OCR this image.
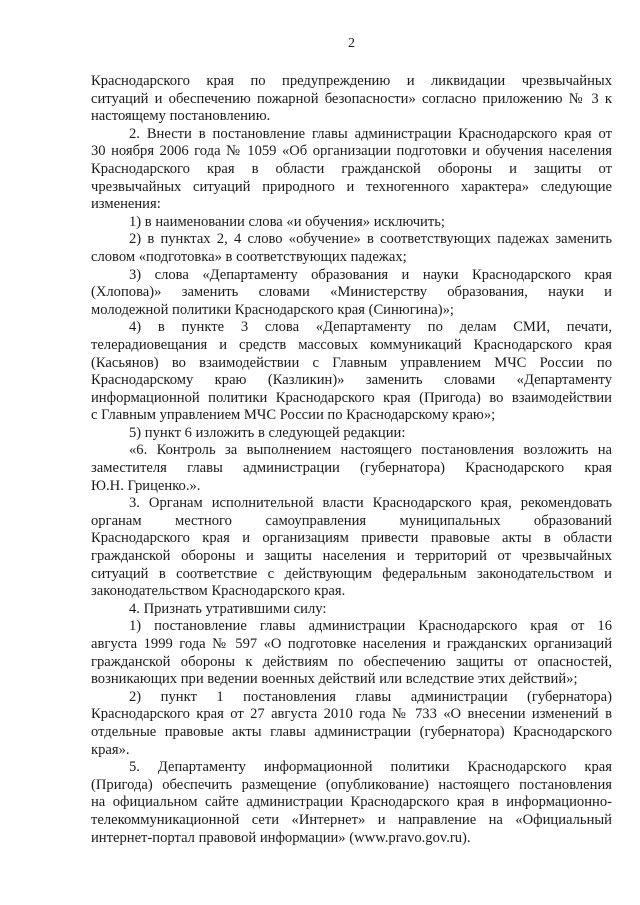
2
Краснодарского края по предупреждению и ликвидации чрезвычайных
ситуаций и обеспечению пожарной безопасности» согласно приложению № 3 к
настоящему постановлению.
2. Внести в постановление главы администрации Краснодарского края от
30 ноября 2006 года № 1059 «Об организации подготовки и обучения населения
Краснодарского края в области гражданской обороны и защиты от
чрезвычайных ситуаций природного и техногенного характера» следующие
изменения:
1) в наименовании слова «и обучения» исключить;
2) в пунктах 2, 4 слово «обучение» в соответствующих падежах заменить
словом «подготовка» в соответствующих падежах;
3) слова «Департаменту образования и науки Краснодарского края
(Хлопова)» заменить словами «Министерству образования, науки и
молодежной политики Краснодарского края (Синюгина)»;
4) в пункте 3 слова «Департаменту по делам СМИ, печати,
телерадиовещания и средств массовых коммуникаций Краснодарского края
(Касьянов) во взаимодействии с Главным управлением МЧС России по
Краснодарскому краю (Казликин)» заменить словами «Департаменту
информационной политики Краснодарского края (Пригода) во взаимодействии
с Главным управлением МЧС России по Краснодарскому краю»;
5) пункт 6 изложить в следующей редакции:
«6. Контроль за выполнением настоящего постановления возложить на
заместителя главы администрации (губернатора) Краснодарского края
Ю.Н. Гриценко.».
3. Органам исполнительной власти Краснодарского края, рекомендовать
органам местного самоуправления муниципальных образований
Краснодарского края и организациям привести правовые акты в области
гражданской обороны и защиты населения и территорий от чрезвычайных
ситуаций в соответствие с действующим федеральным законодательством и
законодательством Краснодарского края.
4. Признать утратившими силу:
1) постановление главы администрации Краснодарского края от 16
августа 1999 года № 597 «О подготовке населения и гражданских организаций
гражданской обороны к действиям по обеспечению защиты от опасностей,
возникающих при ведении военных действий или вследствие этих действий»;
2) пункт 1 постановления главы администрации (губернатора)
Краснодарского края от 27 августа 2010 года № 733 «О внесении изменений в
отдельные правовые акты главы администрации (губернатора) Краснодарского
края».
5. Департаменту информационной политики Краснодарского края
(Пригода) обеспечить размещение (опубликование) настоящего постановления
на официальном сайте администрации Краснодарского края в информационно-
телекоммуникационной сети «Интернет» и направление на «Официальный
интернет-портал правовой информации» (www.pravo.gov.ru).
